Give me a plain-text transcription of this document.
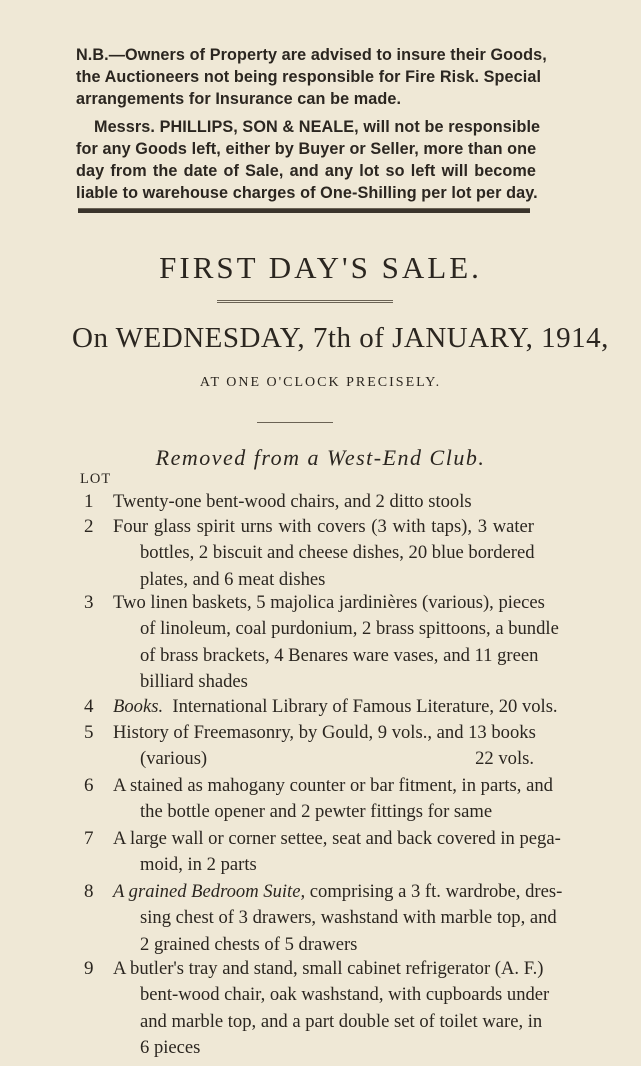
N.B.—Owners of Property are advised to insure their Goods,
the Auctioneers not being responsible for Fire Risk. Special
arrangements for Insurance can be made.
Messrs. PHILLIPS, SON & NEALE, will not be responsible
for any Goods left, either by Buyer or Seller, more than one
day from the date of Sale, and any lot so left will become
liable to warehouse charges of One-Shilling per lot per day.
FIRST DAY'S SALE.
On WEDNESDAY, 7th of JANUARY, 1914,
AT ONE O'CLOCK PRECISELY.
Removed from a West-End Club.
LOT
1	Twenty-one bent-wood chairs, and 2 ditto stools
2	Four glass spirit urns with covers (3 with taps), 3 water
bottles, 2 biscuit and cheese dishes, 20 blue bordered
plates, and 6 meat dishes
3	Two linen baskets, 5 majolica jardinières (various), pieces
of linoleum, coal purdonium, 2 brass spittoons, a bundle
of brass brackets, 4 Benares ware vases, and 11 green
billiard shades
4	Books.  International Library of Famous Literature, 20 vols.
5	History of Freemasonry, by Gould, 9 vols., and 13 books
(various)	22 vols.
6	A stained as mahogany counter or bar fitment, in parts, and
the bottle opener and 2 pewter fittings for same
7	A large wall or corner settee, seat and back covered in pega-
moid, in 2 parts
8	A grained Bedroom Suite, comprising a 3 ft. wardrobe, dres-
sing chest of 3 drawers, washstand with marble top, and
2 grained chests of 5 drawers
9	A butler's tray and stand, small cabinet refrigerator (A. F.)
bent-wood chair, oak washstand, with cupboards under
and marble top, and a part double set of toilet ware, in
6 pieces
